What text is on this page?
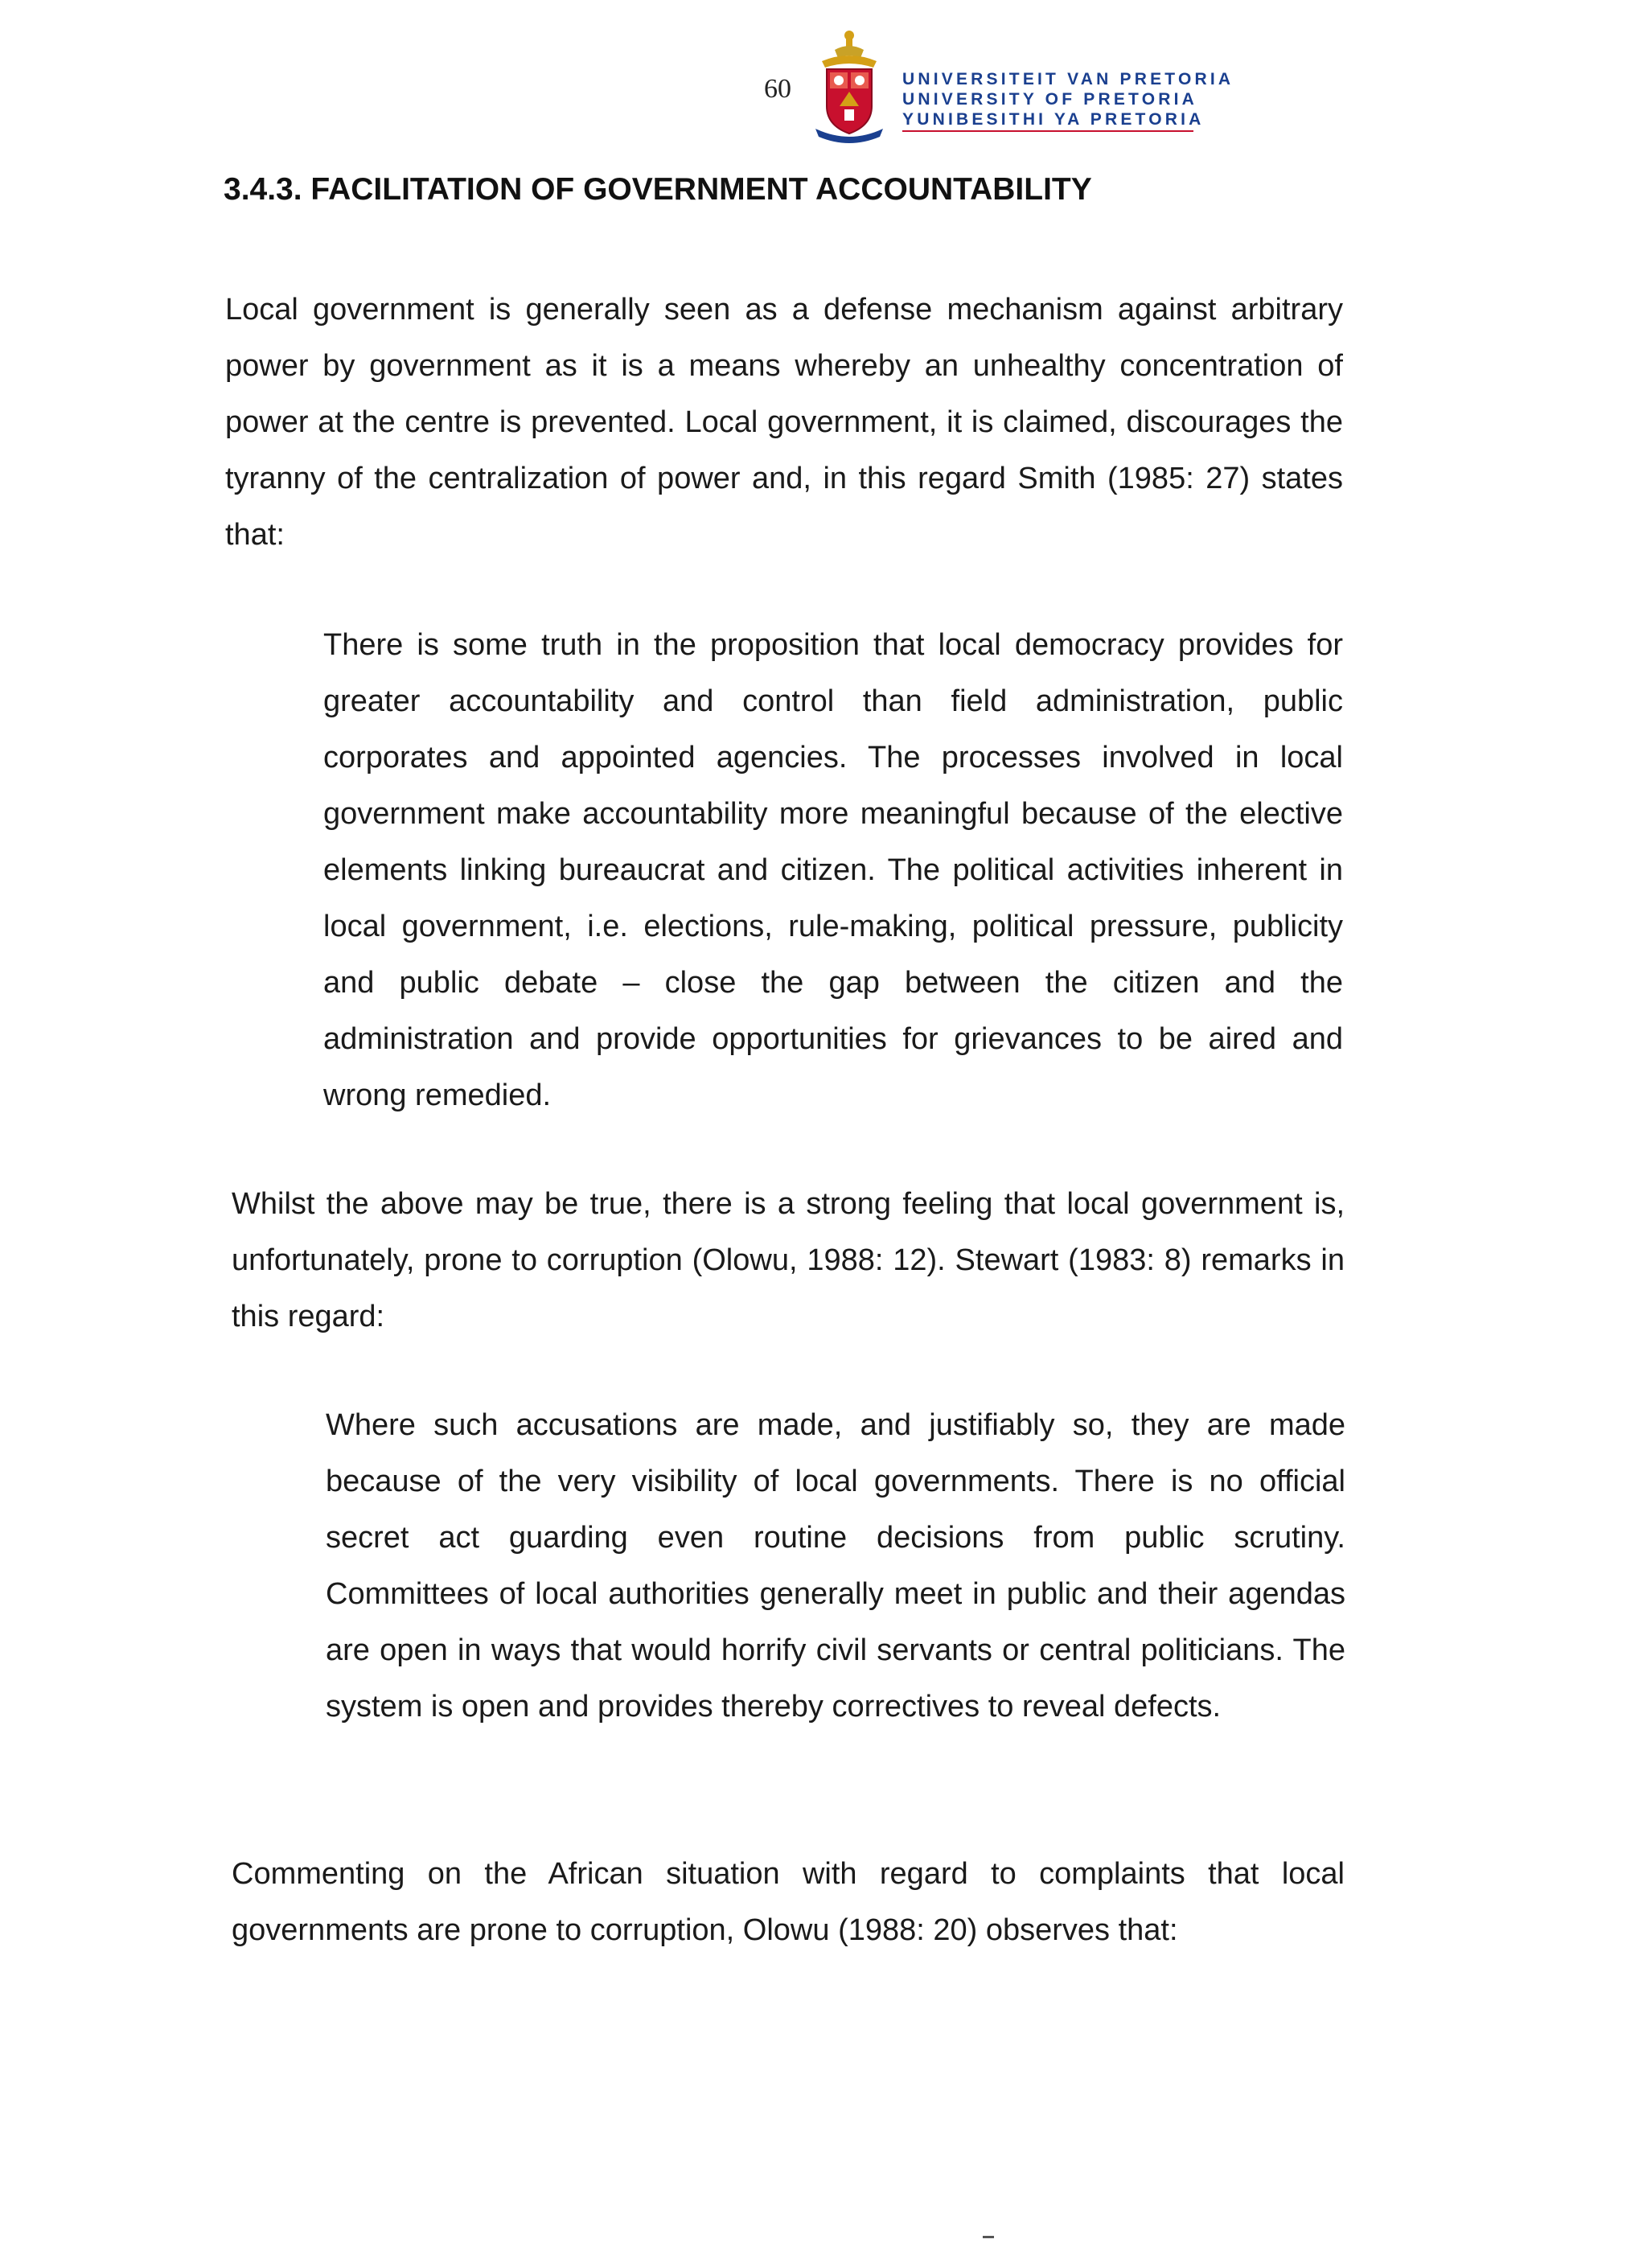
60	UNIVERSITEIT VAN PRETORIA
UNIVERSITY OF PRETORIA
YUNIBESITHI YA PRETORIA
3.4.3. FACILITATION OF GOVERNMENT ACCOUNTABILITY

Local government is generally seen as a defense mechanism against arbitrary power by government as it is a means whereby an unhealthy concentration of power at the centre is prevented. Local government, it is claimed, discourages the tyranny of the centralization of power and, in this regard Smith (1985: 27) states that:

There is some truth in the proposition that local democracy provides for greater accountability and control than field administration, public corporates and appointed agencies. The processes involved in local government make accountability more meaningful because of the elective elements linking bureaucrat and citizen. The political activities inherent in local government, i.e. elections, rule-making, political pressure, publicity and public debate – close the gap between the citizen and the administration and provide opportunities for grievances to be aired and wrong remedied.

Whilst the above may be true, there is a strong feeling that local government is, unfortunately, prone to corruption (Olowu, 1988: 12). Stewart (1983: 8) remarks in this regard:

Where such accusations are made, and justifiably so, they are made because of the very visibility of local governments. There is no official secret act guarding even routine decisions from public scrutiny. Committees of local authorities generally meet in public and their agendas are open in ways that would horrify civil servants or central politicians. The system is open and provides thereby correctives to reveal defects.

Commenting on the African situation with regard to complaints that local governments are prone to corruption, Olowu (1988: 20) observes that:
